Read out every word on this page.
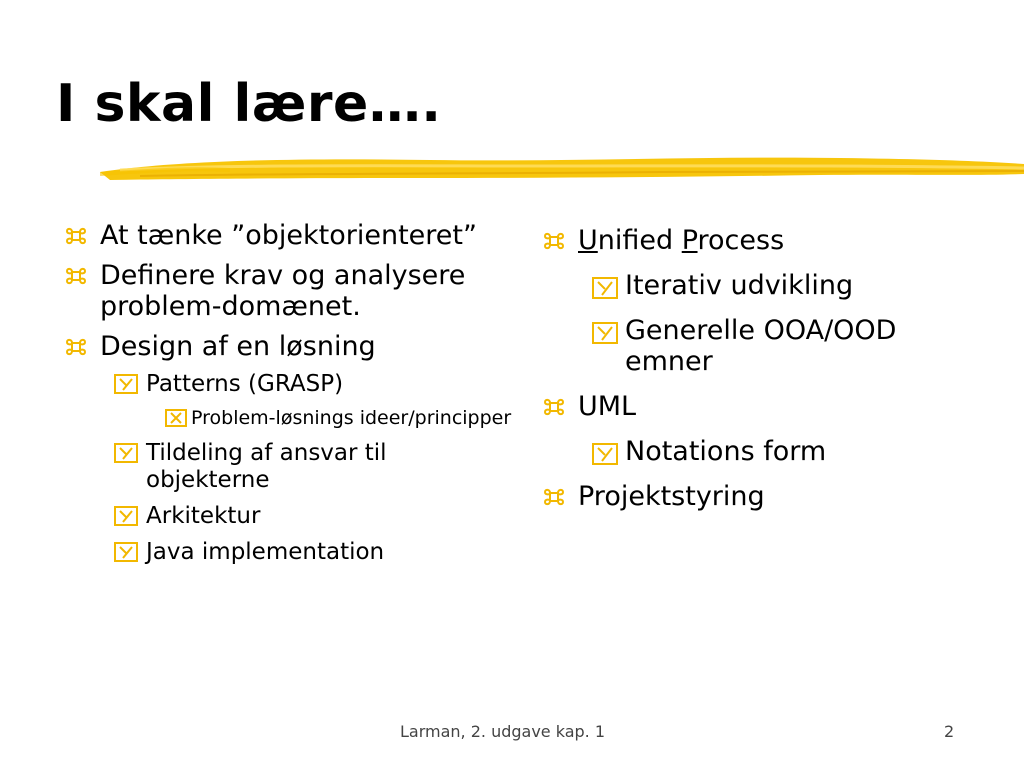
I skal lære….
At tænke ”objektorienteret”
Definere krav og analysere problem-domænet.
Design af en løsning
Patterns (GRASP)
Problem-løsnings ideer/principper
Tildeling af ansvar til objekterne
Arkitektur
Java implementation
Unified Process
Iterativ udvikling
Generelle OOA/OOD emner
UML
Notations form
Projektstyring
Larman, 2. udgave kap. 1	2
